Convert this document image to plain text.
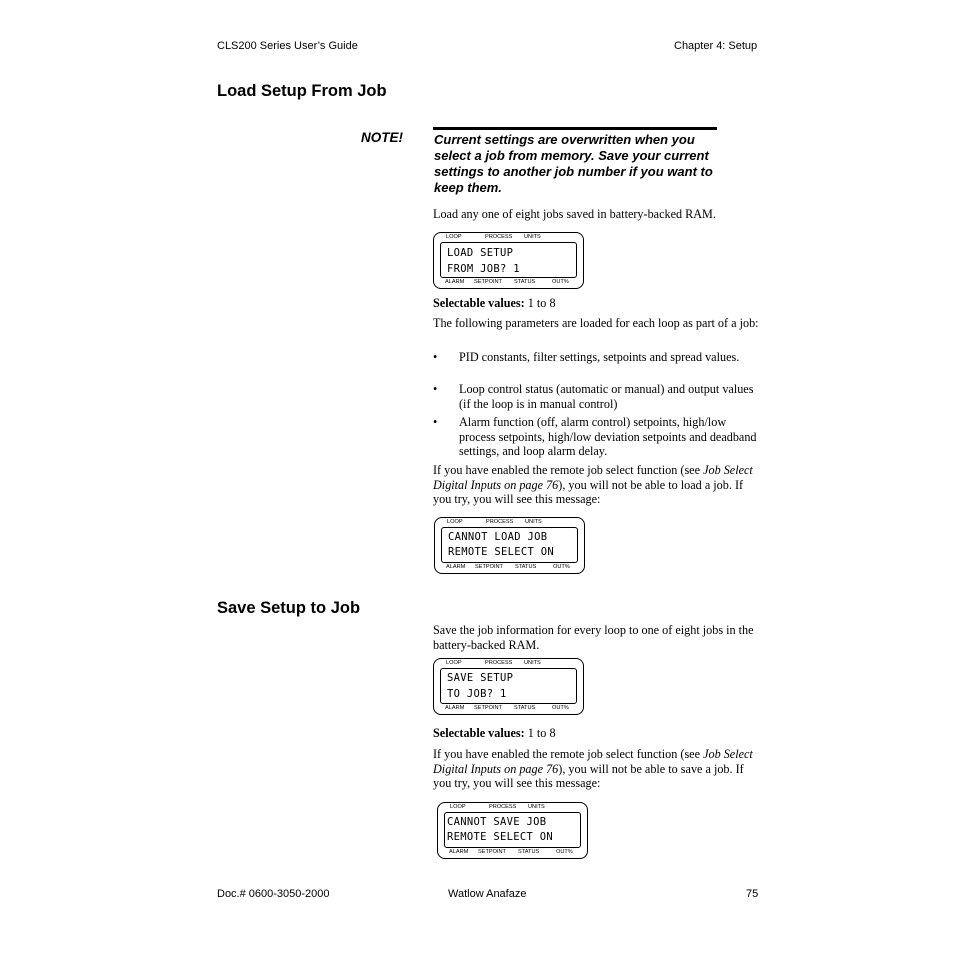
CLS200 Series User’s Guide	Chapter 4: Setup
Load Setup From Job
NOTE! Current settings are overwritten when you
select a job from memory. Save your current
settings to another job number if you want to
keep them.
Load any one of eight jobs saved in battery-backed RAM.
LOOP	PROCESS UNITS
LOAD SETUP
FROM JOB? 1
ALARM SETPOINT STATUS	OUT%
Selectable values: 1 to 8
The following parameters are loaded for each loop as part of a job:
• PID constants, filter settings, setpoints and spread values.
• Loop control status (automatic or manual) and output values (if the loop is in manual control)
• Alarm function (off, alarm control) setpoints, high/low process setpoints, high/low deviation setpoints and deadband settings, and loop alarm delay.
If you have enabled the remote job select function (see Job Select Digital Inputs on page 76), you will not be able to load a job. If you try, you will see this message:
LOOP	PROCESS UNITS
CANNOT LOAD JOB
REMOTE SELECT ON
ALARM SETPOINT STATUS	OUT%
Save Setup to Job
Save the job information for every loop to one of eight jobs in the battery-backed RAM.
LOOP	PROCESS UNITS
SAVE SETUP
TO JOB? 1
ALARM SETPOINT STATUS	OUT%
Selectable values: 1 to 8
If you have enabled the remote job select function (see Job Select Digital Inputs on page 76), you will not be able to save a job. If you try, you will see this message:
LOOP	PROCESS UNITS
CANNOT SAVE JOB
REMOTE SELECT ON
ALARM SETPOINT STATUS	OUT%
Doc.# 0600-3050-2000	Watlow Anafaze	75
